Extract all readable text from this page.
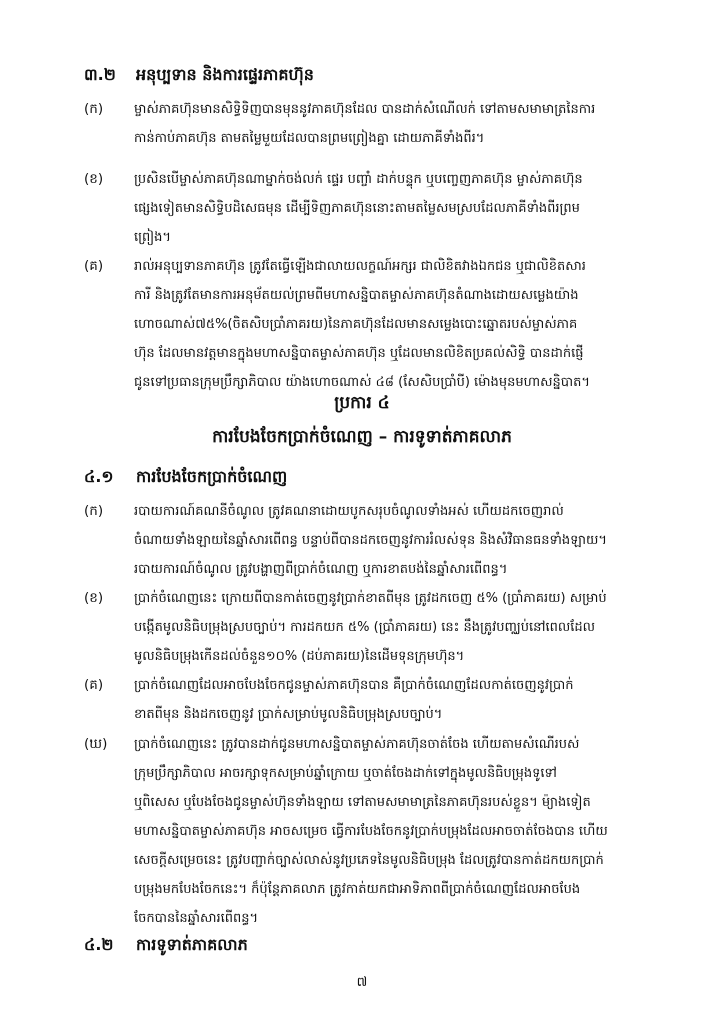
៣.២	អនុប្បទាន និងការផ្ទេរភាគហ៊ុន
(ក)	ម្ចាស់ភាគហ៊ុនមានសិទ្ធិទិញបានមុននូវភាគហ៊ុនដែល បានដាក់សំណើលក់ ទៅតាមសមាមាត្រនៃការ
កាន់កាប់ភាគហ៊ុន តាមតម្លៃមួយដែលបានព្រមព្រៀងគ្នា ដោយភាគីទាំងពីរ។
(ខ)	ប្រសិនបើម្ចាស់ភាគហ៊ុនណាម្នាក់ចង់លក់ ផ្ទេរ បញ្ចាំ ដាក់បន្ទុក ឬបញ្ចេញភាគហ៊ុន ម្ចាស់ភាគហ៊ុន
ផ្សេងទៀតមានសិទ្ធិបដិសេធមុន ដើម្បីទិញភាគហ៊ុននោះតាមតម្លៃសមស្របដែលភាគីទាំងពីរព្រម
ព្រៀង។
(គ)	រាល់អនុប្បទានភាគហ៊ុន ត្រូវតែធ្វើឡើងជាលាយលក្ខណ៍អក្សរ ជាលិខិតវាងឯកជន ឬជាលិខិតសារ
ការី និងត្រូវតែមានការអនុម័តយល់ព្រមពីមហាសន្និបាតម្ចាស់ភាគហ៊ុនតំណាងដោយសម្លេងយ៉ាង
ហោចណាស់៧៥%(ចិតសិបប្រាំភាគរយ)នៃភាគហ៊ុនដែលមានសម្លេងបោះឆ្នោតរបស់ម្ចាស់ភាគ
ហ៊ុន ដែលមានវត្តមានក្នុងមហាសន្និបាតម្ចាស់ភាគហ៊ុន ឬដែលមានលិខិតប្រគល់សិទ្ធិ បានដាក់ផ្ញើ
ជូនទៅប្រធានក្រុមប្រឹក្សាភិបាល យ៉ាងហោចណាស់ ៤៨ (សែសិបប្រាំបី) ម៉ោងមុនមហាសន្និបាត។
ប្រការ ៤
ការបែងចែកប្រាក់ចំណេញ – ការទូទាត់ភាគលាភ
៤.១	ការបែងចែកប្រាក់ចំណេញ
(ក)	របាយការណ៍គណនីចំណូល ត្រូវគណនាដោយបូកសរុបចំណូលទាំងអស់ ហើយដកចេញរាល់
ចំណាយទាំងឡាយនៃឆ្នាំសារពើពន្ធ បន្ទាប់ពីបានដកចេញនូវការរំលស់ទុន និងសំវិធានធនទាំងឡាយ។
របាយការណ៍ចំណូល ត្រូវបង្ហាញពីប្រាក់ចំណេញ ឬការខាតបង់នៃឆ្នាំសារពើពន្ធ។
(ខ)	ប្រាក់ចំណេញនេះ ក្រោយពីបានកាត់ចេញនូវប្រាក់ខាតពីមុន ត្រូវដកចេញ ៥% (ប្រាំភាគរយ) សម្រាប់
បង្កើតមូលនិធិបម្រុងស្របច្បាប់។ ការដកយក ៥% (ប្រាំភាគរយ) នេះ នឹងត្រូវបញ្ឈប់នៅពេលដែល
មូលនិធិបម្រុងកើនដល់ចំនួន១០% (ដប់ភាគរយ)នៃដើមទុនក្រុមហ៊ុន។
(គ)	ប្រាក់ចំណេញដែលអាចបែងចែកជូនម្ចាស់ភាគហ៊ុនបាន គឺប្រាក់ចំណេញដែលកាត់ចេញនូវប្រាក់
ខាតពីមុន និងដកចេញនូវ ប្រាក់សម្រាប់មូលនិធិបម្រុងស្របច្បាប់។
(ឃ)	ប្រាក់ចំណេញនេះ ត្រូវបានដាក់ជូនមហាសន្និបាតម្ចាស់ភាគហ៊ុនចាត់ចែង ហើយតាមសំណើរបស់
ក្រុមប្រឹក្សាភិបាល អាចរក្សាទុកសម្រាប់ឆ្នាំក្រោយ ឬចាត់ចែងដាក់ទៅក្នុងមូលនិធិបម្រុងទូទៅ
ឬពិសេស ឬបែងចែងជូនម្ចាស់ហ៊ុនទាំងឡាយ ទៅតាមសមាមាត្រនៃភាគហ៊ុនរបស់ខ្លួន។ ម៉្យាងទៀត
មហាសន្និបាតម្ចាស់ភាគហ៊ុន អាចសម្រេច ធ្វើការបែងចែកនូវប្រាក់បម្រុងដែលអាចចាត់ចែងបាន ហើយ
សេចក្តីសម្រេចនេះ ត្រូវបញ្ជាក់ច្បាស់លាស់នូវប្រភេទនៃមូលនិធិបម្រុង ដែលត្រូវបានកាត់ដកយកប្រាក់
បម្រុងមកបែងចែកនេះ។ ក៏ប៉ុន្តែភាគលាភ ត្រូវកាត់យកជាអាទិភាពពីប្រាក់ចំណេញដែលអាចបែង
ចែកបាននៃឆ្នាំសារពើពន្ធ។
៤.២	ការទូទាត់ភាគលាភ
៧
